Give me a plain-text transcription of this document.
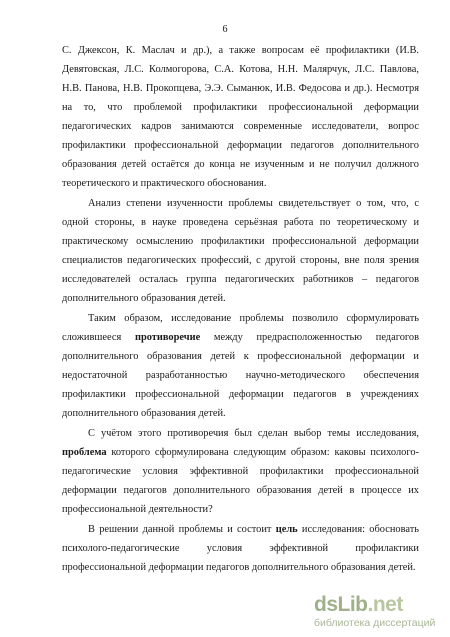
6

С. Джексон, К. Маслач и др.), а также вопросам её профилактики (И.В. Девятовская, Л.С. Колмогорова, С.А. Котова, Н.Н. Малярчук, Л.С. Павлова, Н.В. Панова, Н.В. Прокопцева, Э.Э. Сыманюк, И.В. Федосова и др.). Несмотря на то, что проблемой профилактики профессиональной деформации педагогических кадров занимаются современные исследователи, вопрос профилактики профессиональной деформации педагогов дополнительного образования детей остаётся до конца не изученным и не получил должного теоретического и практического обоснования.

Анализ степени изученности проблемы свидетельствует о том, что, с одной стороны, в науке проведена серьёзная работа по теоретическому и практическому осмыслению профилактики профессиональной деформации специалистов педагогических профессий, с другой стороны, вне поля зрения исследователей осталась группа педагогических работников – педагогов дополнительного образования детей.

Таким образом, исследование проблемы позволило сформулировать сложившееся противоречие между предрасположенностью педагогов дополнительного образования детей к профессиональной деформации и недостаточной разработанностью научно-методического обеспечения профилактики профессиональной деформации педагогов в учреждениях дополнительного образования детей.

С учётом этого противоречия был сделан выбор темы исследования, проблема которого сформулирована следующим образом: каковы психолого-педагогические условия эффективной профилактики профессиональной деформации педагогов дополнительного образования детей в процессе их профессиональной деятельности?

В решении данной проблемы и состоит цель исследования: обосновать психолого-педагогические условия эффективной профилактики профессиональной деформации педагогов дополнительного образования детей.

dsLib.net
библиотека диссертаций
